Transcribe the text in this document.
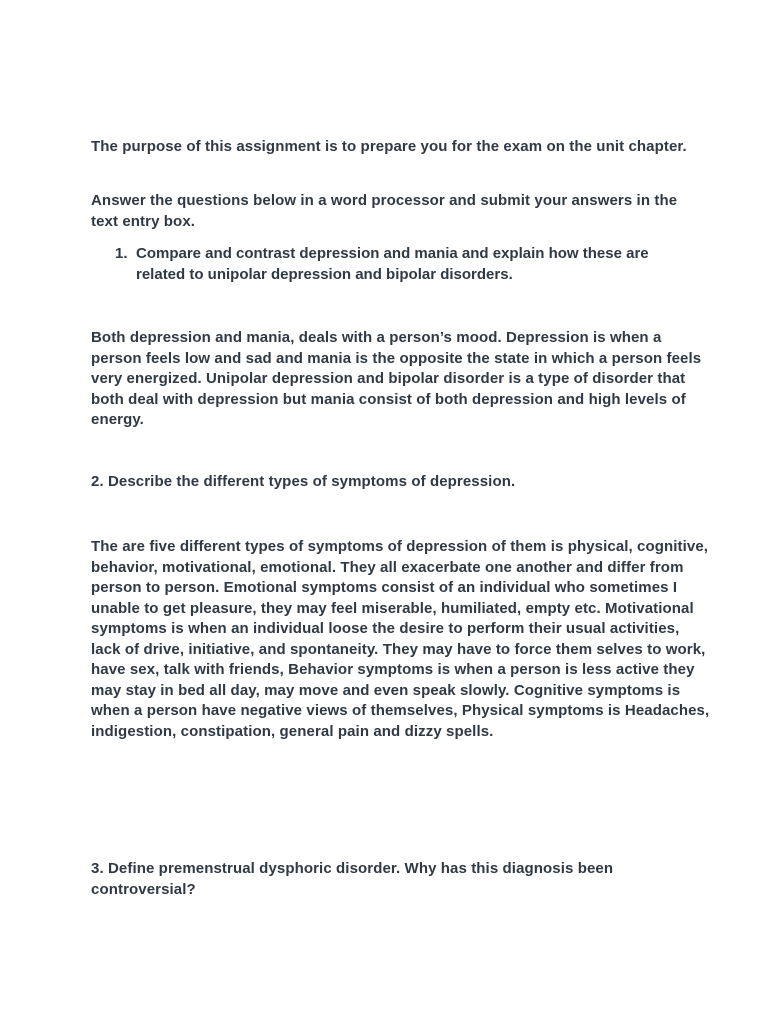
The purpose of this assignment is to prepare you for the exam on the unit chapter.

Answer the questions below in a word processor and submit your answers in the text entry box.

1. Compare and contrast depression and mania and explain how these are related to unipolar depression and bipolar disorders.

Both depression and mania, deals with a person’s mood. Depression is when a person feels low and sad and mania is the opposite the state in which a person feels very energized. Unipolar depression and bipolar disorder is a type of disorder that both deal with depression but mania consist of both depression and high levels of energy.

2. Describe the different types of symptoms of depression.

The are five different types of symptoms of depression of them is physical, cognitive, behavior, motivational, emotional. They all exacerbate one another and differ from person to person. Emotional symptoms consist of an individual who sometimes I unable to get pleasure, they may feel miserable, humiliated, empty etc. Motivational symptoms is when an individual loose the desire to perform their usual activities, lack of drive, initiative, and spontaneity. They may have to force them selves to work, have sex, talk with friends, Behavior symptoms is when a person is less active they may stay in bed all day, may move and even speak slowly. Cognitive symptoms is when a person have negative views of themselves, Physical symptoms is Headaches, indigestion, constipation, general pain and dizzy spells.

3. Define premenstrual dysphoric disorder. Why has this diagnosis been controversial?
